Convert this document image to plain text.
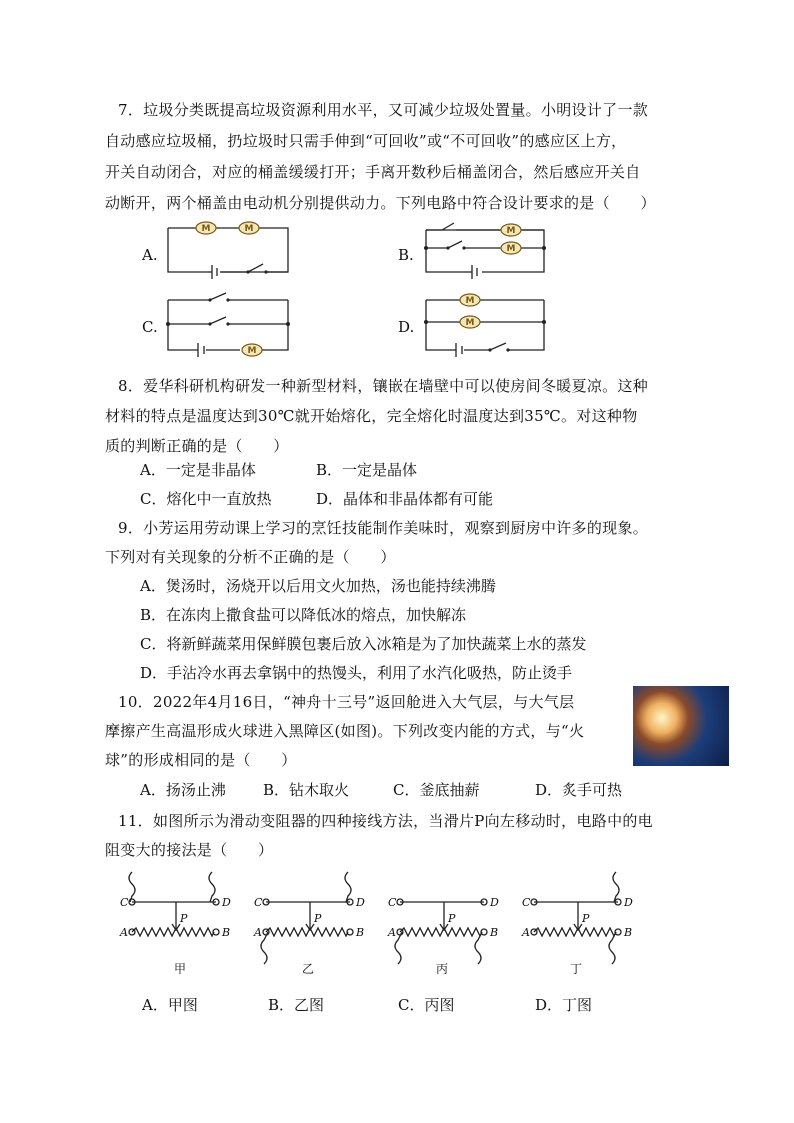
7．垃圾分类既提高垃圾资源利用水平，又可减少垃圾处置量。小明设计了一款
自动感应垃圾桶，扔垃圾时只需手伸到“可回收”或“不可回收”的感应区上方，
开关自动闭合，对应的桶盖缓缓打开；手离开数秒后桶盖闭合，然后感应开关自
动断开，两个桶盖由电动机分别提供动力。下列电路中符合设计要求的是（　　）
A.	B.
C.	D.
M	M	M
M
M
M
M
8．爱华科研机构研发一种新型材料，镶嵌在墙壁中可以使房间冬暖夏凉。这种
材料的特点是温度达到30℃就开始熔化，完全熔化时温度达到35℃。对这种物
质的判断正确的是（　　）
A．一定是非晶体	B．一定是晶体
C．熔化中一直放热	D．晶体和非晶体都有可能
9．小芳运用劳动课上学习的烹饪技能制作美味时，观察到厨房中许多的现象。
下列对有关现象的分析不正确的是（　　）
A．煲汤时，汤烧开以后用文火加热，汤也能持续沸腾
B．在冻肉上撒食盐可以降低冰的熔点，加快解冻
C．将新鲜蔬菜用保鲜膜包裹后放入冰箱是为了加快蔬菜上水的蒸发
D．手沾冷水再去拿锅中的热馒头，利用了水汽化吸热，防止烫手
10．2022年4月16日，“神舟十三号”返回舱进入大气层，与大气层
摩擦产生高温形成火球进入黑障区(如图)。下列改变内能的方式，与“火
球”的形成相同的是（　　）
A．扬汤止沸 B．钻木取火	C．釜底抽薪	D．炙手可热
11．如图所示为滑动变阻器的四种接线方法，当滑片P向左移动时，电路中的电
阻变大的接法是（　　）
C	D
P
A	B
甲
C	D
P
A	B
乙
C	D
P
A	B
丙
C	D
P
A	B
丁
A．甲图	B．乙图	C．丙图	D．丁图
